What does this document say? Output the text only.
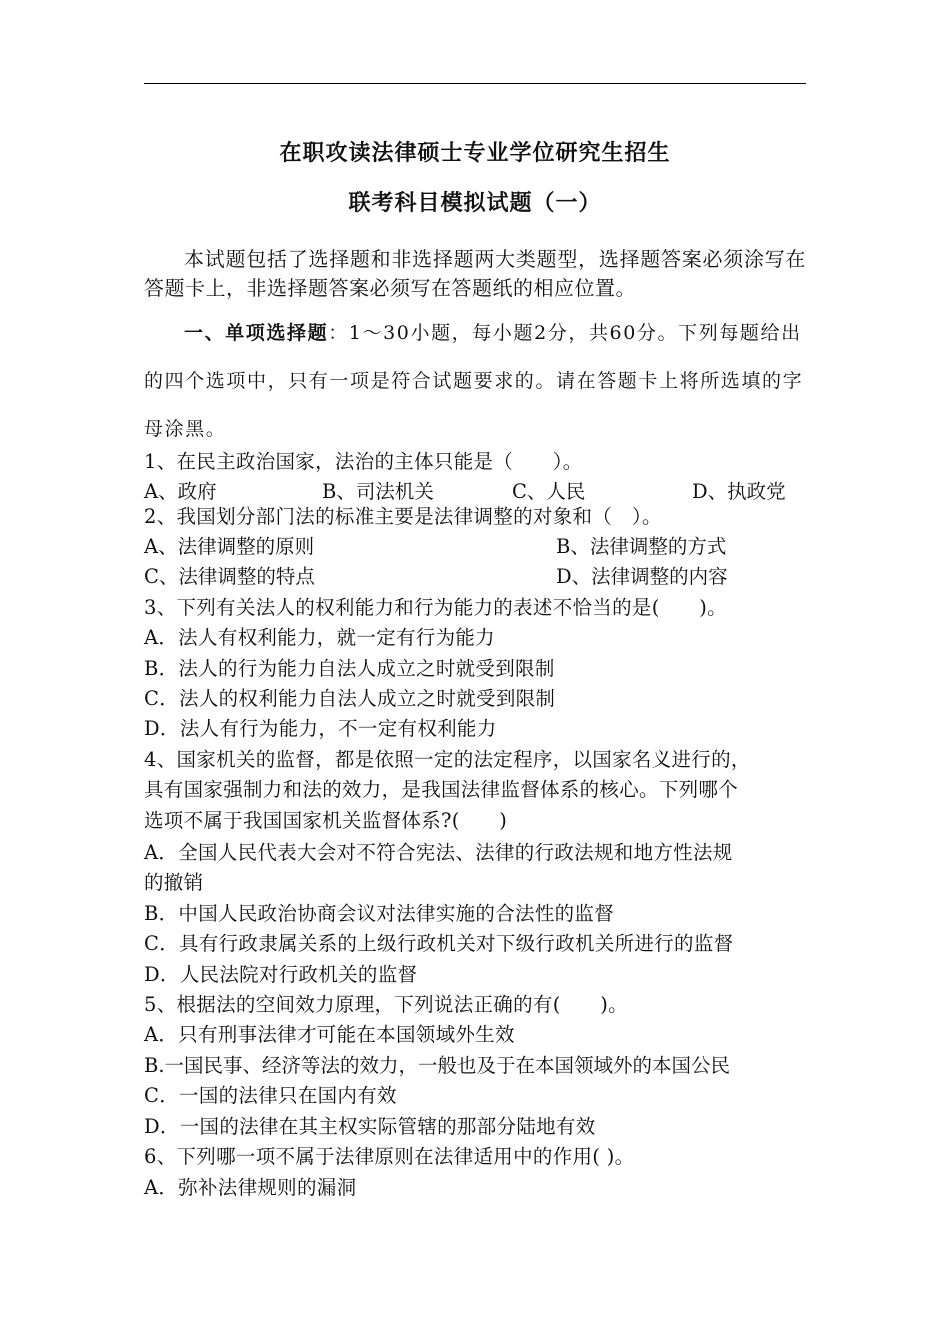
在职攻读法律硕士专业学位研究生招生
联考科目模拟试题（一）
本试题包括了选择题和非选择题两大类题型，选择题答案必须涂写在答题卡上，非选择题答案必须写在答题纸的相应位置。
一、单项选择题：1～30小题，每小题2分，共60分。下列每题给出的四个选项中，只有一项是符合试题要求的。请在答题卡上将所选填的字母涂黑。
1、在民主政治国家，法治的主体只能是（　　）。
A、政府	B、司法机关	C、人民	D、执政党
2、我国划分部门法的标准主要是法律调整的对象和（　）。
A、法律调整的原则	B、法律调整的方式
C、法律调整的特点	D、法律调整的内容
3、下列有关法人的权利能力和行为能力的表述不恰当的是(　　)。
A．法人有权利能力，就一定有行为能力
B．法人的行为能力自法人成立之时就受到限制
C．法人的权利能力自法人成立之时就受到限制
D．法人有行为能力，不一定有权利能力
4、国家机关的监督，都是依照一定的法定程序，以国家名义进行的，
具有国家强制力和法的效力，是我国法律监督体系的核心。下列哪个
选项不属于我国国家机关监督体系?(　　)
A．全国人民代表大会对不符合宪法、法律的行政法规和地方性法规
的撤销
B．中国人民政治协商会议对法律实施的合法性的监督
C．具有行政隶属关系的上级行政机关对下级行政机关所进行的监督
D．人民法院对行政机关的监督
5、根据法的空间效力原理，下列说法正确的有(　　)。
A．只有刑事法律才可能在本国领域外生效
B.一国民事、经济等法的效力，一般也及于在本国领域外的本国公民
C．一国的法律只在国内有效
D．一国的法律在其主权实际管辖的那部分陆地有效
6、下列哪一项不属于法律原则在法律适用中的作用( )。
A．弥补法律规则的漏洞
